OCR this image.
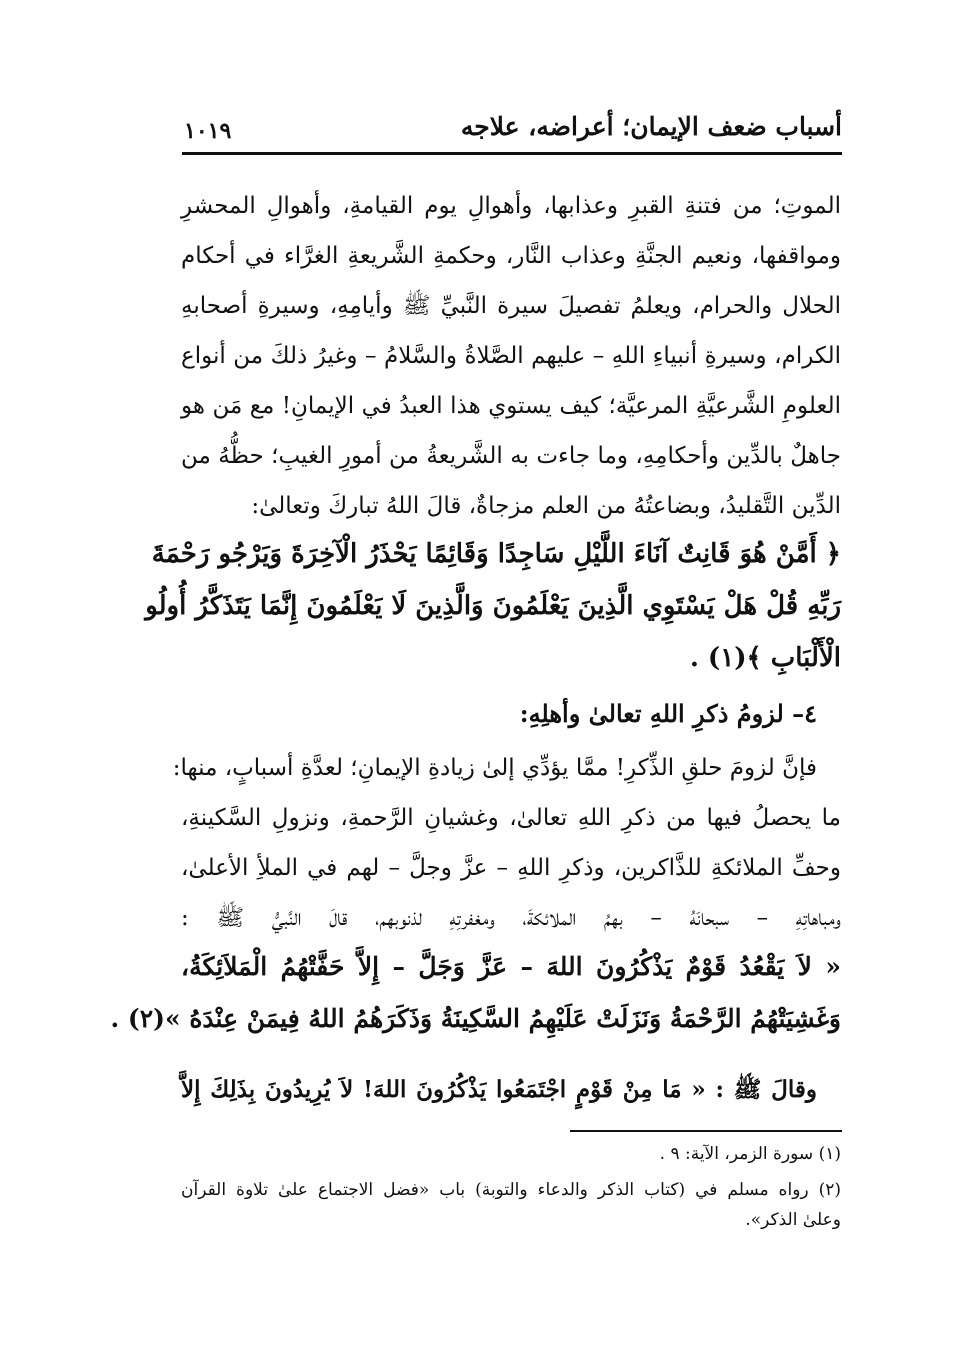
أسباب ضعف الإيمان؛ أعراضه، علاجه
١٠١٩
الموتِ؛ من فتنةِ القبرِ وعذابها، وأهوالِ يوم القيامةِ، وأهوالِ المحشرِ
ومواقفها، ونعيم الجنَّةِ وعذاب النَّار، وحكمةِ الشَّريعةِ الغرَّاء في أحكام
الحلال والحرام، ويعلمُ تفصيلَ سيرة النَّبيِّ ﷺ وأيامِهِ، وسيرةِ أصحابهِ
الكرام، وسيرةِ أنبياءِ اللهِ – عليهم الصَّلاةُ والسَّلامُ – وغيرُ ذلكَ من أنواع
العلومِ الشَّرعيَّةِ المرعيَّة؛ كيف يستوي هذا العبدُ في الإيمانِ! مع مَن هو
جاهلٌ بالدِّين وأحكامِهِ، وما جاءت به الشَّريعةُ من أمورِ الغيبِ؛ حظُّهُ من
الدِّين التَّقليدُ، وبضاعتُهُ من العلم مزجاةٌ، قالَ اللهُ تباركَ وتعالىٰ:
﴿ أَمَّنْ هُوَ قَانِتٌ آنَاءَ اللَّيْلِ سَاجِدًا وَقَائِمًا يَحْذَرُ الْآخِرَةَ وَيَرْجُو رَحْمَةَ
رَبِّهِ قُلْ هَلْ يَسْتَوِي الَّذِينَ يَعْلَمُونَ وَالَّذِينَ لَا يَعْلَمُونَ إِنَّمَا يَتَذَكَّرُ أُولُو
الْأَلْبَابِ ﴾(١) .
٤– لزومُ ذكرِ اللهِ تعالىٰ وأهلِهِ:
فإنَّ لزومَ حلقِ الذِّكرِ! ممَّا يؤدِّي إلىٰ زيادةِ الإيمانِ؛ لعدَّةِ أسبابٍ، منها:
ما يحصلُ فيها من ذكرِ اللهِ تعالىٰ، وغشيانِ الرَّحمةِ، ونزولِ السَّكينةِ،
وحفِّ الملائكةِ للذَّاكرين، وذكرِ اللهِ – عزَّ وجلَّ – لهم في الملأِ الأعلىٰ،
ومباهاتِهِ – سبحانَهُ – بهمُ الملائكةَ، ومغفرتِهِ لذنوبهم، قالَ النَّبيُّ ﷺ :
« لاَ يَقْعُدُ قَوْمٌ يَذْكُرُونَ اللهَ – عَزَّ وَجَلَّ – إِلاَّ حَفَّتْهُمُ الْمَلاَئِكَةُ،
وَغَشِيَتْهُمُ الرَّحْمَةُ وَنَزَلَتْ عَلَيْهِمُ السَّكِينَةُ وَذَكَرَهُمُ اللهُ فِيمَنْ عِنْدَهُ »(٢) .
وقالَ ﷺ : « مَا مِنْ قَوْمٍ اجْتَمَعُوا يَذْكُرُونَ اللهَ! لاَ يُرِيدُونَ بِذَلِكَ إِلاَّ
(١) سورة الزمر، الآية: ٩ .
(٢) رواه مسلم في (كتاب الذكر والدعاء والتوبة) باب «فضل الاجتماع علىٰ تلاوة القرآن
وعلىٰ الذكر».
